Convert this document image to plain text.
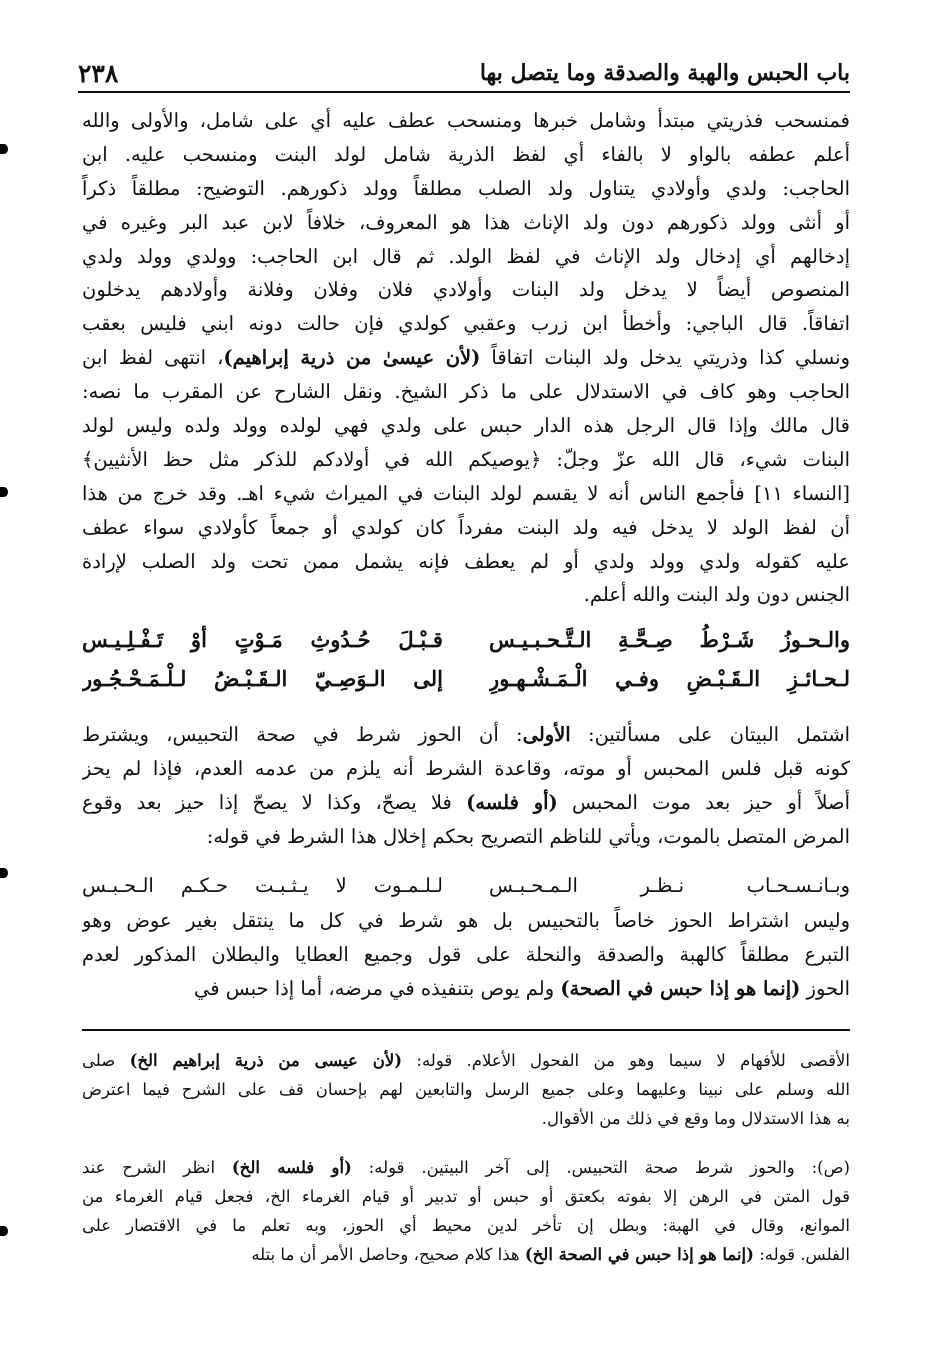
باب الحبس والهبة والصدقة وما يتصل بها
٢٣٨
فمنسحب فذريتي مبتدأ وشامل خبرها ومنسحب عطف عليه أي على شامل، والأولى والله
أعلم عطفه بالواو لا بالفاء أي لفظ الذرية شامل لولد البنت ومنسحب عليه. ابن
الحاجب: ولدي وأولادي يتناول ولد الصلب مطلقاً وولد ذكورهم. التوضيح: مطلقاً ذكراً
أو أنثى وولد ذكورهم دون ولد الإناث هذا هو المعروف، خلافاً لابن عبد البر وغيره في
إدخالهم أي إدخال ولد الإناث في لفظ الولد. ثم قال ابن الحاجب: وولدي وولد ولدي
المنصوص أيضاً لا يدخل ولد البنات وأولادي فلان وفلان وفلانة وأولادهم يدخلون
اتفاقاً. قال الباجي: وأخطأ ابن زرب وعقبي كولدي فإن حالت دونه ابني فليس بعقب
ونسلي كذا وذريتي يدخل ولد البنات اتفاقاً (لأن عيسىٰ من ذرية إبراهيم)، انتهى لفظ ابن
الحاجب وهو كاف في الاستدلال على ما ذكر الشيخ. ونقل الشارح عن المقرب ما نصه:
قال مالك وإذا قال الرجل هذه الدار حبس على ولدي فهي لولده وولد ولده وليس لولد
البنات شيء، قال الله عزّ وجلّ: ﴿يوصيكم الله في أولادكم للذكر مثل حظ الأنثيين﴾
[النساء ١١] فأجمع الناس أنه لا يقسم لولد البنات في الميراث شيء اهـ. وقد خرج من هذا
أن لفظ الولد لا يدخل فيه ولد البنت مفرداً كان كولدي أو جمعاً كأولادي سواء عطف
عليه كقوله ولدي وولد ولدي أو لم يعطف فإنه يشمل ممن تحت ولد الصلب لإرادة
الجنس دون ولد البنت والله أعلم.
والـحـوزُ شَـرْطُ صِـحَّـةِ الـتَّـحـبـيـس
قـبْـلَ حُـدُوثِ مَـوْتٍ أوْ تَـفْـلِـيـس
لـحـائـزِ الـقَـبْـضِ وفـي الْـمَـشْـهـورِ
إلى الـوَصِـيّ الـقَـبْـضُ لـلْـمَـحْـجُـور
اشتمل البيتان على مسألتين: الأولى: أن الحوز شرط في صحة التحبيس، ويشترط
كونه قبل فلس المحبس أو موته، وقاعدة الشرط أنه يلزم من عدمه العدم، فإذا لم يحز
أصلاً أو حيز بعد موت المحبس (أو فلسه) فلا يصحّ، وكذا لا يصحّ إذا حيز بعد وقوع
المرض المتصل بالموت، ويأتي للناظم التصريح بحكم إخلال هذا الشرط في قوله:
وبـانـسـحـاب نـظـر الـمـحـبـس
لـلـمـوت لا يـثـبـت حـكـم الـحـبـس
وليس اشتراط الحوز خاصاً بالتحبيس بل هو شرط في كل ما ينتقل بغير عوض وهو
التبرع مطلقاً كالهبة والصدقة والنحلة على قول وجميع العطايا والبطلان المذكور لعدم
الحوز (إنما هو إذا حبس في الصحة) ولم يوص بتنفيذه في مرضه، أما إذا حبس في
الأقصى للأفهام لا سيما وهو من الفحول الأعلام. قوله: (لأن عيسى من ذرية إبراهيم الخ) صلى
الله وسلم على نبينا وعليهما وعلى جميع الرسل والتابعين لهم بإحسان قف على الشرح فيما اعترض
به هذا الاستدلال وما وقع في ذلك من الأقوال.
(ص): والحوز شرط صحة التحبيس. إلى آخر البيتين. قوله: (أو فلسه الخ) انظر الشرح عند
قول المتن في الرهن إلا بفوته بكعتق أو حبس أو تدبير أو قيام الغرماء الخ، فجعل قيام الغرماء من
الموانع، وقال في الهبة: وبطل إن تأخر لدين محيط أي الحوز، وبه تعلم ما في الاقتصار على
الفلس. قوله: (إنما هو إذا حبس في الصحة الخ) هذا كلام صحيح، وحاصل الأمر أن ما بتله
